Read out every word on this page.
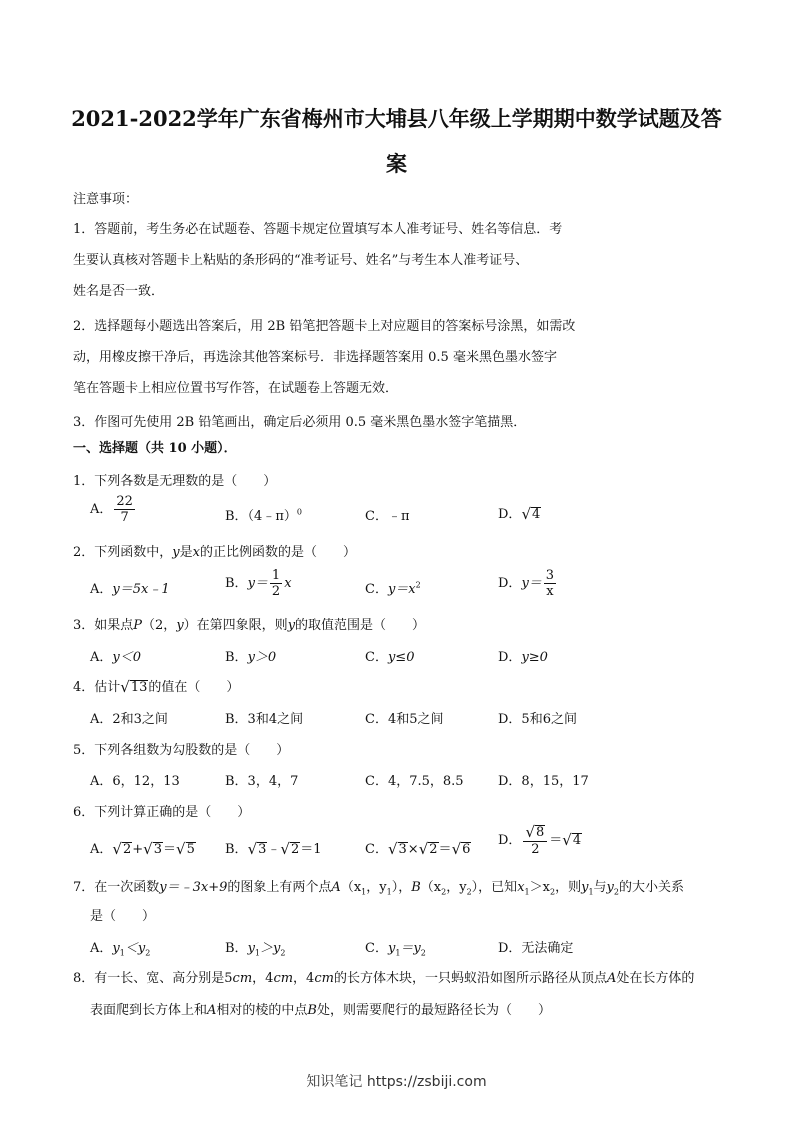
2021-2022学年广东省梅州市大埔县八年级上学期期中数学试题及答
案
注意事项：
1．答题前，考生务必在试题卷、答题卡规定位置填写本人准考证号、姓名等信息．考
生要认真核对答题卡上粘贴的条形码的“准考证号、姓名”与考生本人准考证号、
姓名是否一致．
2．选择题每小题选出答案后，用 2B 铅笔把答题卡上对应题目的答案标号涂黑，如需改
动，用橡皮擦干净后，再选涂其他答案标号．非选择题答案用 0.5 毫米黑色墨水签字
笔在答题卡上相应位置书写作答，在试题卷上答题无效．
3．作图可先使用 2B 铅笔画出，确定后必须用 0.5 毫米黑色墨水签字笔描黑．
一、选择题（共 10 小题）．
1．下列各数是无理数的是（　　）
A． $\frac{22}{7}$	B．（4﹣π）$^0$	C．﹣π	D． √ 4
2．下列函数中，y是x的正比例函数的是（　　）
A．y＝5x﹣1	B．$y= \frac{1}{2}$ x	C．$y=x^2$	D．$y= \frac{3}{x}$
3．如果点P（2，y）在第四象限，则y的取值范围是（　　）
A．y＜0	B．y＞0	C．y≤0	D．y≥0
4．估计 √ 13 的值在（　　）
A．2和3之间	B．3和4之间	C．4和5之间	D．5和6之间
5．下列各组数为勾股数的是（　　）
A．6，12，13	B．3，4，7	C．4，7.5，8.5	D．8，15，17
6．下列计算正确的是（　　）
A． √ 2 + √ 3 ＝ √ 5 B． √ 3 ﹣ √ 2 ＝1	C． √ 3 × √ 2 ＝ √ 6
D． $\frac{√ 8}{2}$ ＝ √ 4
7．在一次函数y＝﹣3x+9的图象上有两个点$A(x_1$，$y_1$），$B(x_2$，$y_2$），已知$x_1>x_2$，则$y_1$与$y_2$的大小关系
是（　　）
A．$y_1<y_2$	B．$y_1>y_2$	C．$y_1=y_2$	D．无法确定
8．有一长、宽、高分别是5cm，4cm，4cm的长方体木块，一只蚂蚁沿如图所示路径从顶点A处在长方体的
表面爬到长方体上和A相对的棱的中点B处，则需要爬行的最短路径长为（　　）
知识笔记 https://zsbiji.com
